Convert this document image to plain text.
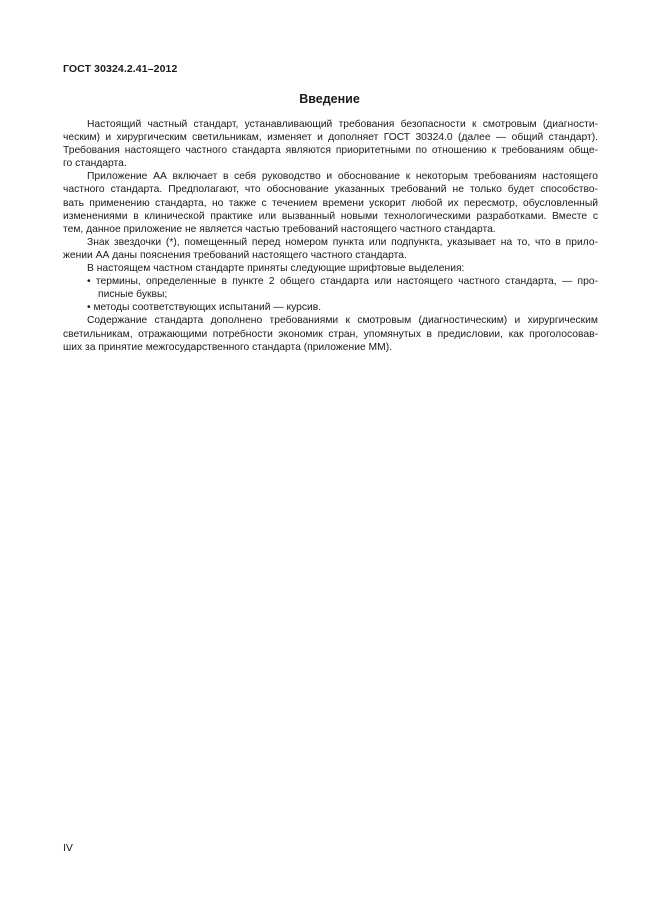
ГОСТ 30324.2.41–2012
Введение

Настоящий частный стандарт, устанавливающий требования безопасности к смотровым (диагности-
ческим) и хирургическим светильникам, изменяет и дополняет ГОСТ 30324.0 (далее — общий стандарт).
Требования настоящего частного стандарта являются приоритетными по отношению к требованиям обще-
го стандарта.

Приложение АА включает в себя руководство и обоснование к некоторым требованиям настоящего
частного стандарта. Предполагают, что обоснование указанных требований не только будет способство-
вать применению стандарта, но также с течением времени ускорит любой их пересмотр, обусловленный
изменениями в клинической практике или вызванный новыми технологическими разработками. Вместе с
тем, данное приложение не является частью требований настоящего частного стандарта.

Знак звездочки (*), помещенный перед номером пункта или подпункта, указывает на то, что в прило-
жении АА даны пояснения требований настоящего частного стандарта.

В настоящем частном стандарте приняты следующие шрифтовые выделения:

• термины, определенные в пункте 2 общего стандарта или настоящего частного стандарта, — про-
писные буквы;

• методы соответствующих испытаний — курсив.

Содержание стандарта дополнено требованиями к смотровым (диагностическим) и хирургическим
светильникам, отражающими потребности экономик стран, упомянутых в предисловии, как проголосовав-
ших за принятие межгосударственного стандарта (приложение ММ).

IV
